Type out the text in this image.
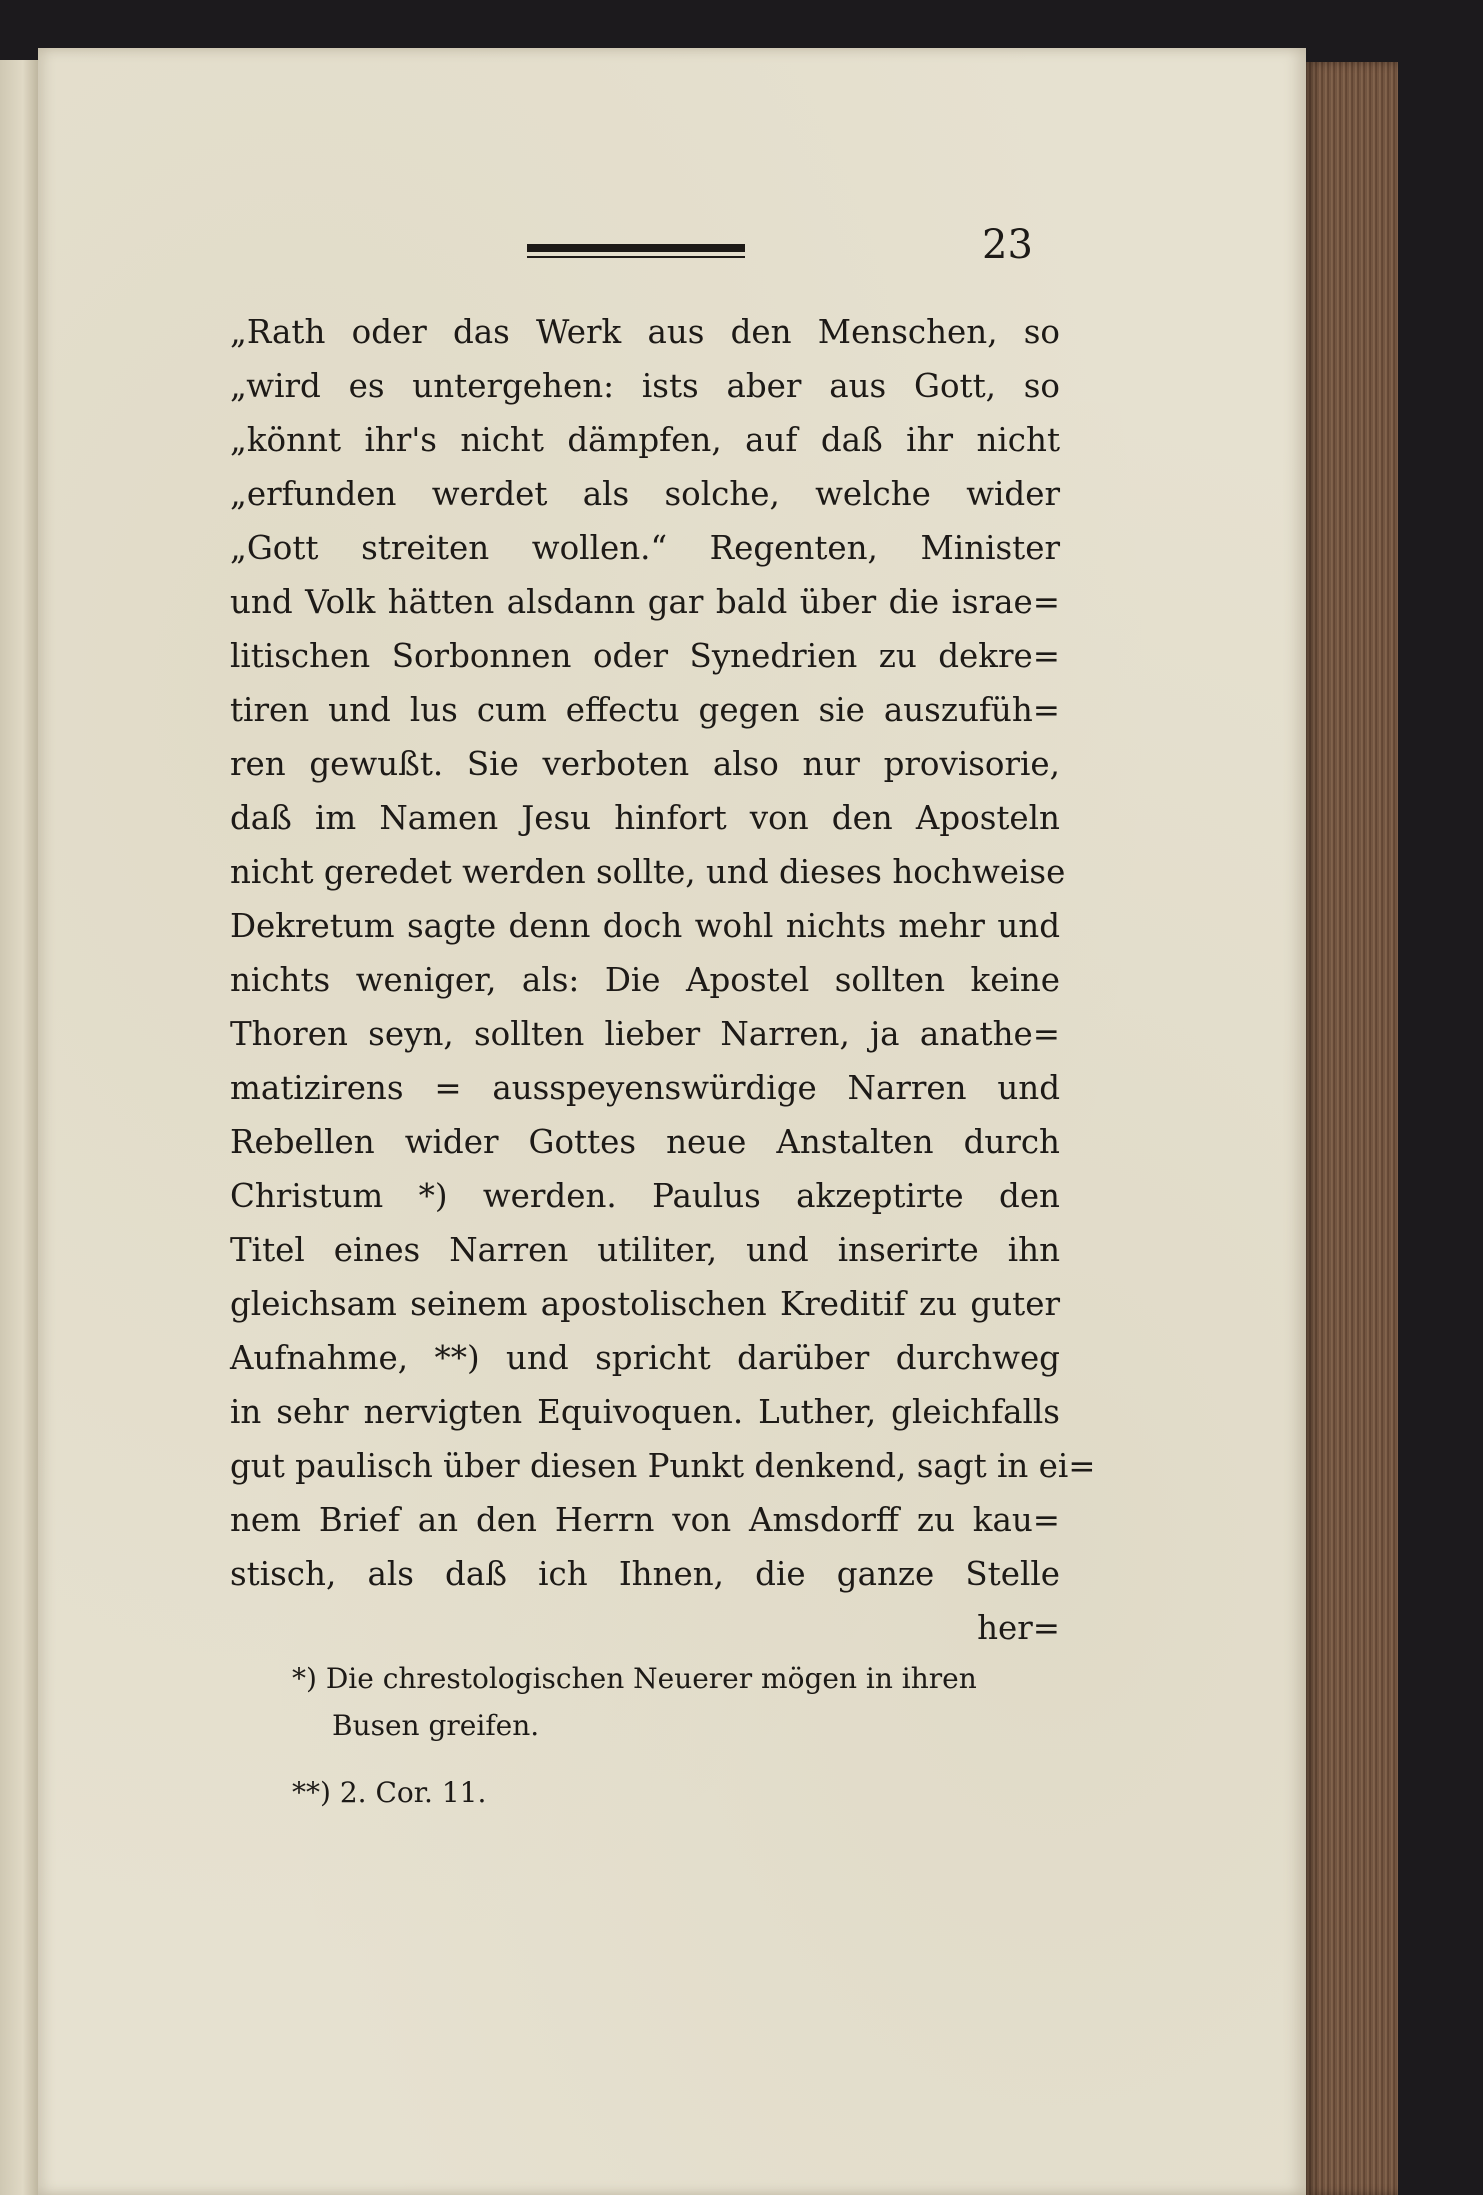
23
„Rath oder das Werk aus den Menschen, so
„wird es untergehen: ists aber aus Gott, so
„könnt ihr's nicht dämpfen, auf daß ihr nicht
„erfunden werdet als solche, welche wider
„Gott streiten wollen.“ Regenten, Minister
und Volk hätten alsdann gar bald über die israe=
litischen Sorbonnen oder Synedrien zu dekre=
tiren und lus cum effectu gegen sie auszufüh=
ren gewußt. Sie verboten also nur provisorie,
daß im Namen Jesu hinfort von den Aposteln
nicht geredet werden sollte, und dieses hochweise
Dekretum sagte denn doch wohl nichts mehr und
nichts weniger, als: Die Apostel sollten keine
Thoren seyn, sollten lieber Narren, ja anathe=
matizirens = ausspeyenswürdige Narren und
Rebellen wider Gottes neue Anstalten durch
Christum *) werden. Paulus akzeptirte den
Titel eines Narren utiliter, und inserirte ihn
gleichsam seinem apostolischen Kreditif zu guter
Aufnahme, **) und spricht darüber durchweg
in sehr nervigten Equivoquen. Luther, gleichfalls
gut paulisch über diesen Punkt denkend, sagt in ei=
nem Brief an den Herrn von Amsdorff zu kau=
stisch, als daß ich Ihnen, die ganze Stelle
her=
*) Die chrestologischen Neuerer mögen in ihren
Busen greifen.
**) 2. Cor. 11.
